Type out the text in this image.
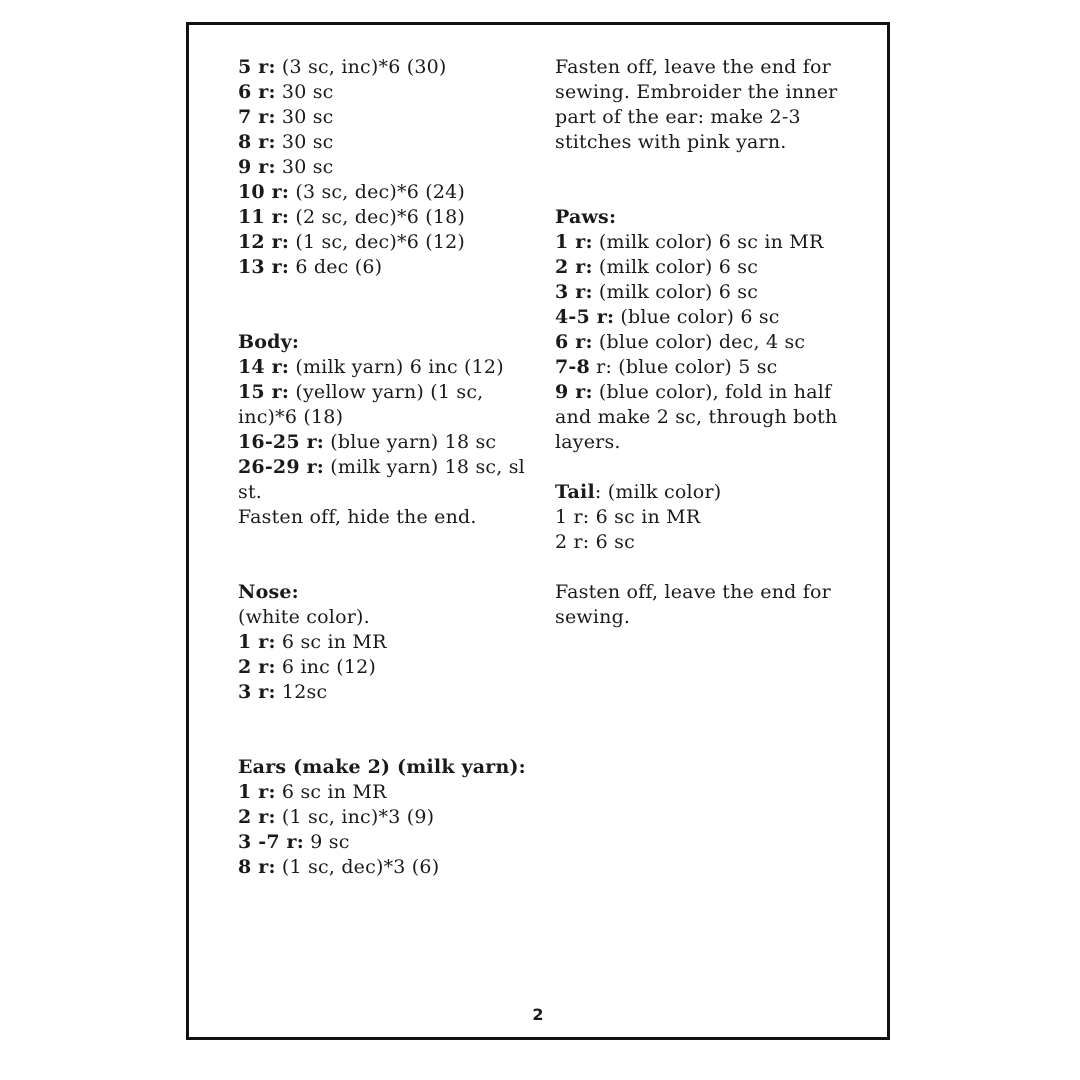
5 r: (3 sc, inc)*6 (30)
6 r: 30 sc
7 r: 30 sc
8 r: 30 sc
9 r: 30 sc
10 r: (3 sc, dec)*6 (24)
11 r: (2 sc, dec)*6 (18)
12 r: (1 sc, dec)*6 (12)
13 r: 6 dec (6)
Body:
14 r: (milk yarn) 6 inc (12)
15 r: (yellow yarn) (1 sc,
inc)*6 (18)
16-25 r: (blue yarn) 18 sc
26-29 r: (milk yarn) 18 sc, sl
st.
Fasten off, hide the end.
Nose:
(white color).
1 r: 6 sc in MR
2 r: 6 inc (12)
3 r: 12sc
Ears (make 2) (milk yarn):
1 r: 6 sc in MR
2 r: (1 sc, inc)*3 (9)
3 -7 r: 9 sc
8 r: (1 sc, dec)*3 (6)
Fasten off, leave the end for
sewing. Embroider the inner
part of the ear: make 2-3
stitches with pink yarn.
Paws:
1 r: (milk color) 6 sc in MR
2 r: (milk color) 6 sc
3 r: (milk color) 6 sc
4-5 r: (blue color) 6 sc
6 r: (blue color) dec, 4 sc
7-8 r: (blue color) 5 sc
9 r: (blue color), fold in half
and make 2 sc, through both
layers.
Tail: (milk color)
1 r: 6 sc in MR
2 r: 6 sc
Fasten off, leave the end for
sewing.
2
